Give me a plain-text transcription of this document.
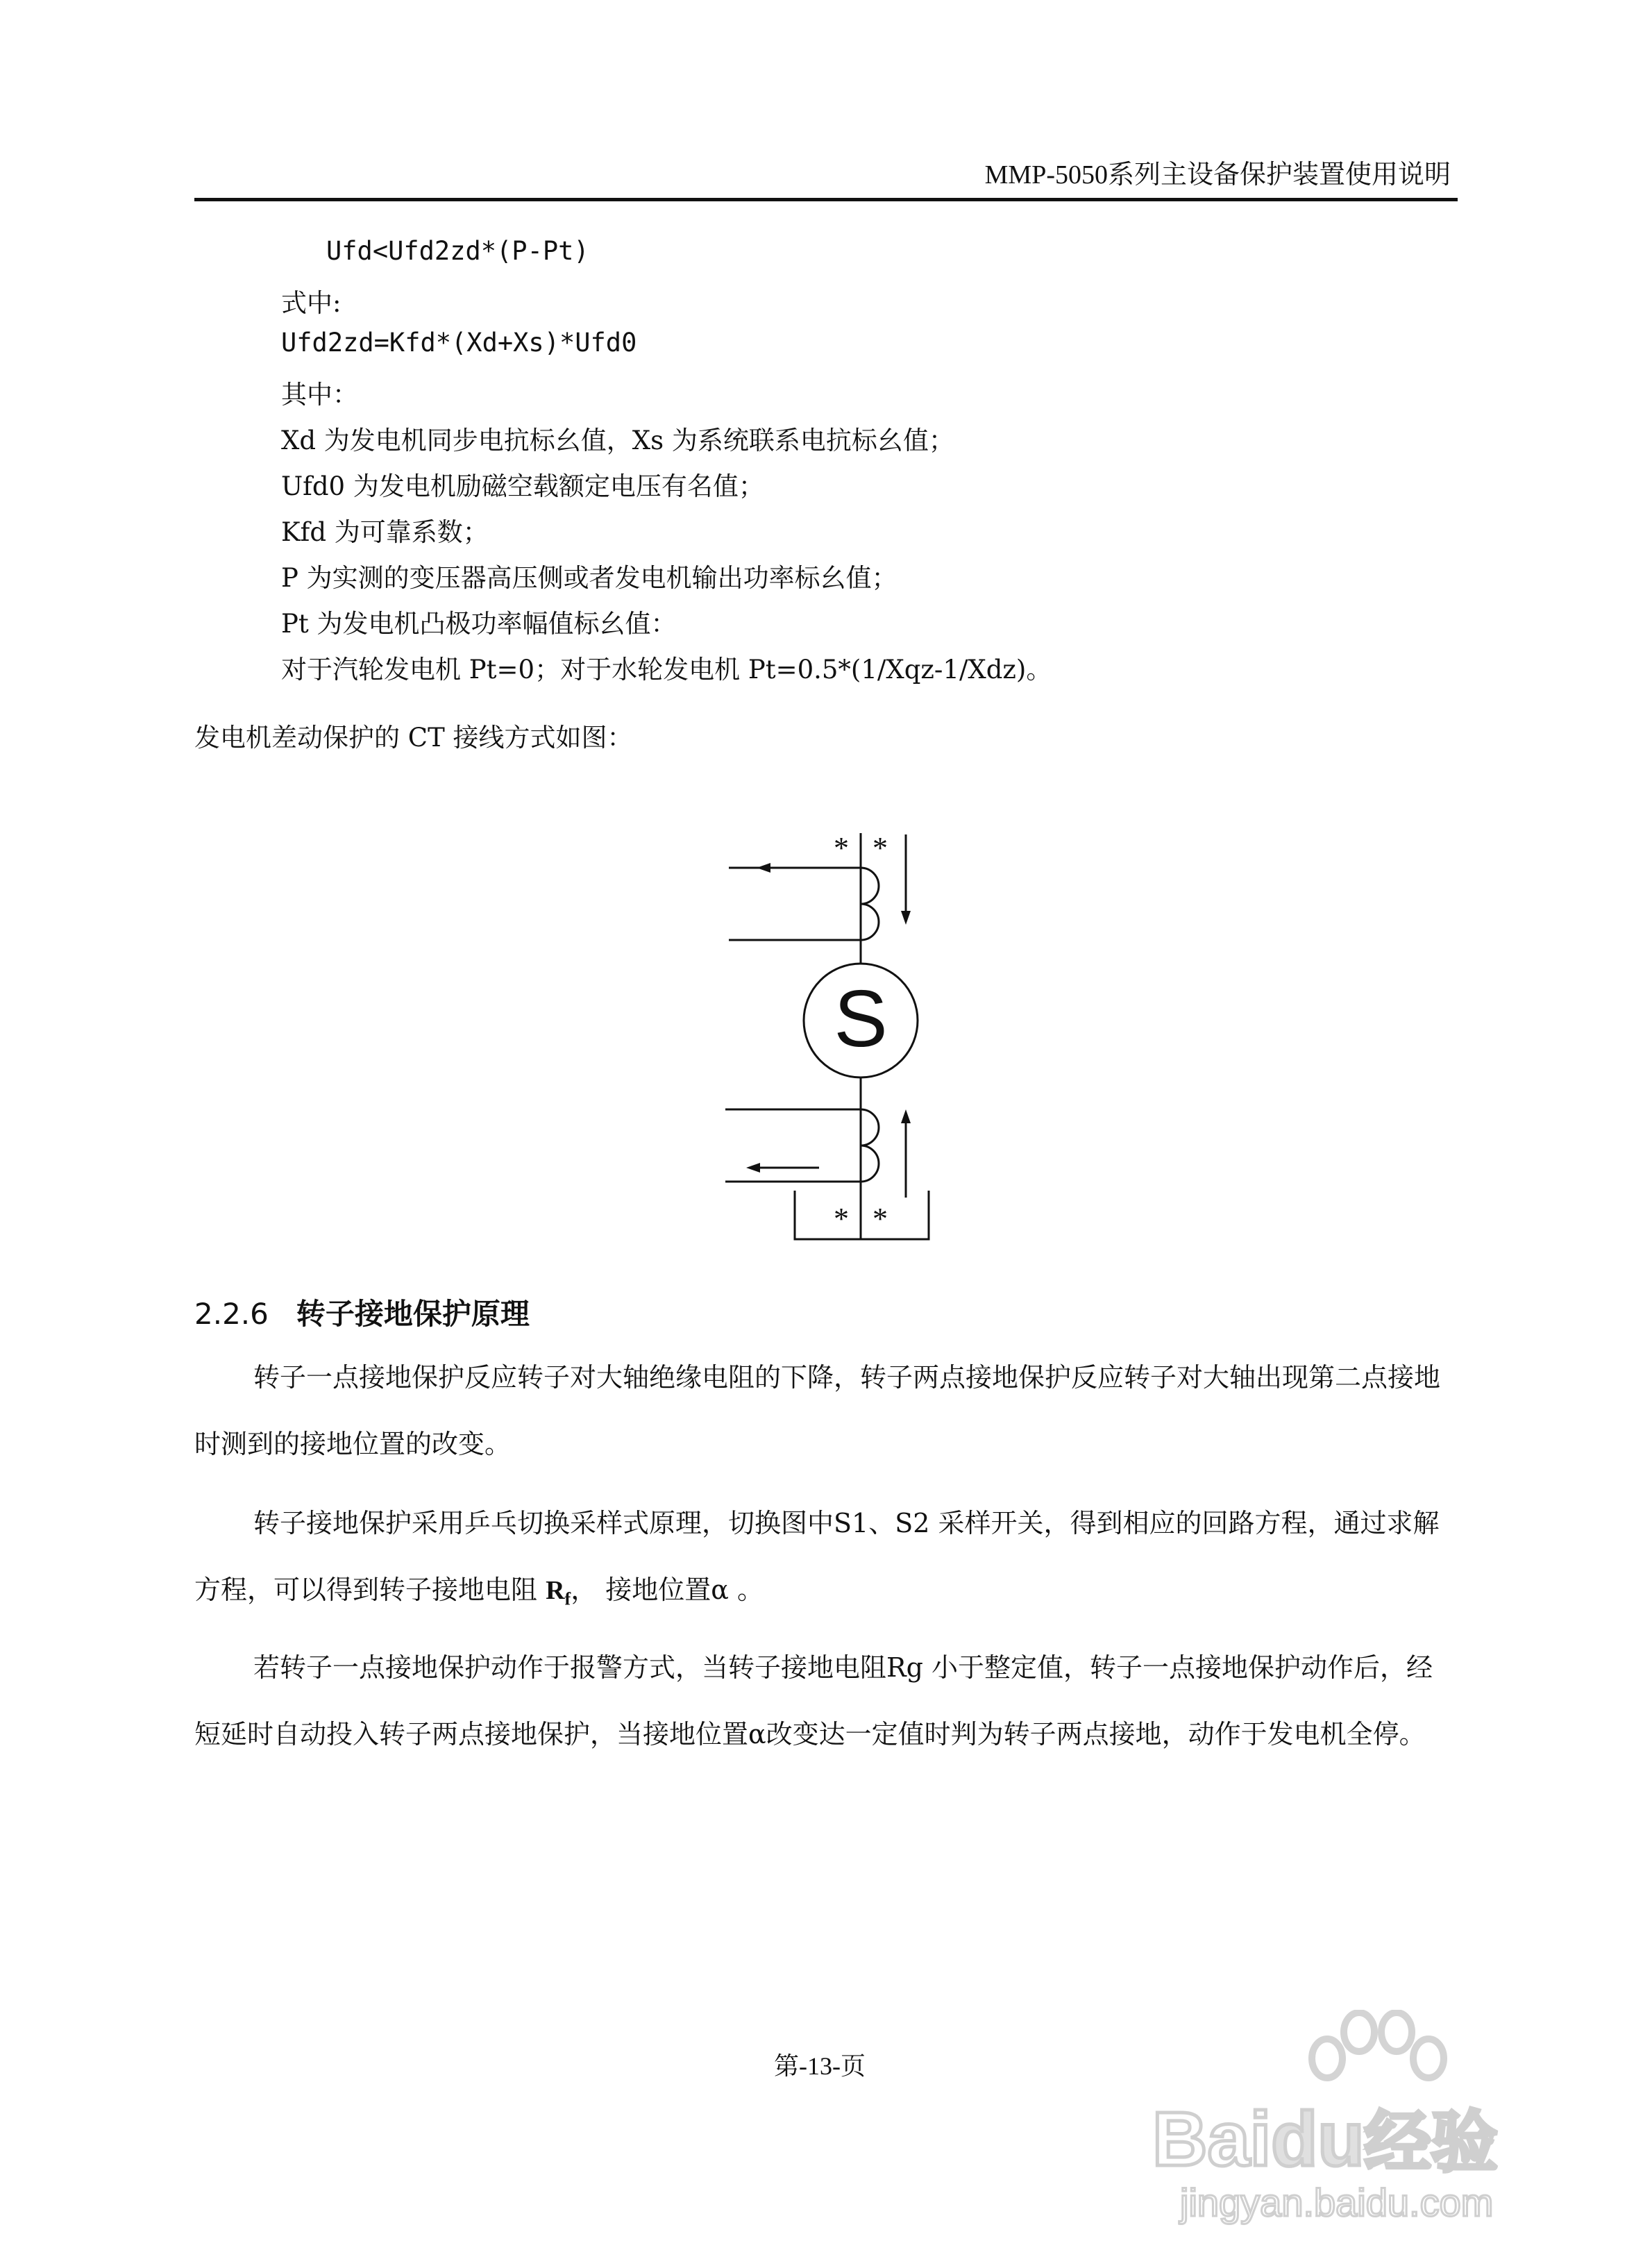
MMP-5050系列主设备保护装置使用说明
Ufd<Ufd2zd*(P-Pt)
式中:
Ufd2zd=Kfd*(Xd+Xs)*Ufd0
其中：
Xd 为发电机同步电抗标幺值，Xs 为系统联系电抗标幺值；
Ufd0 为发电机励磁空载额定电压有名值；
Kfd 为可靠系数；
P 为实测的变压器高压侧或者发电机输出功率标幺值；
Pt 为发电机凸极功率幅值标幺值：
对于汽轮发电机 Pt=0；对于水轮发电机 Pt=0.5*(1/Xqz-1/Xdz)。
发电机差动保护的 CT 接线方式如图：
S
* *
* *
2.2.6 转子接地保护原理
转子一点接地保护反应转子对大轴绝缘电阻的下降，转子两点接地保护反应转子对大轴出现第二点接地时测到的接地位置的改变。
转子接地保护采用乒乓切换采样式原理，切换图中S1、S2 采样开关，得到相应的回路方程，通过求解方程，可以得到转子接地电阻 $R_f$， 接地位置α 。
若转子一点接地保护动作于报警方式，当转子接地电阻Rg 小于整定值，转子一点接地保护动作后，经短延时自动投入转子两点接地保护，当接地位置α改变达一定值时判为转子两点接地，动作于发电机全停。
第-13-页
Baidu经验
jingyan.baidu.com
